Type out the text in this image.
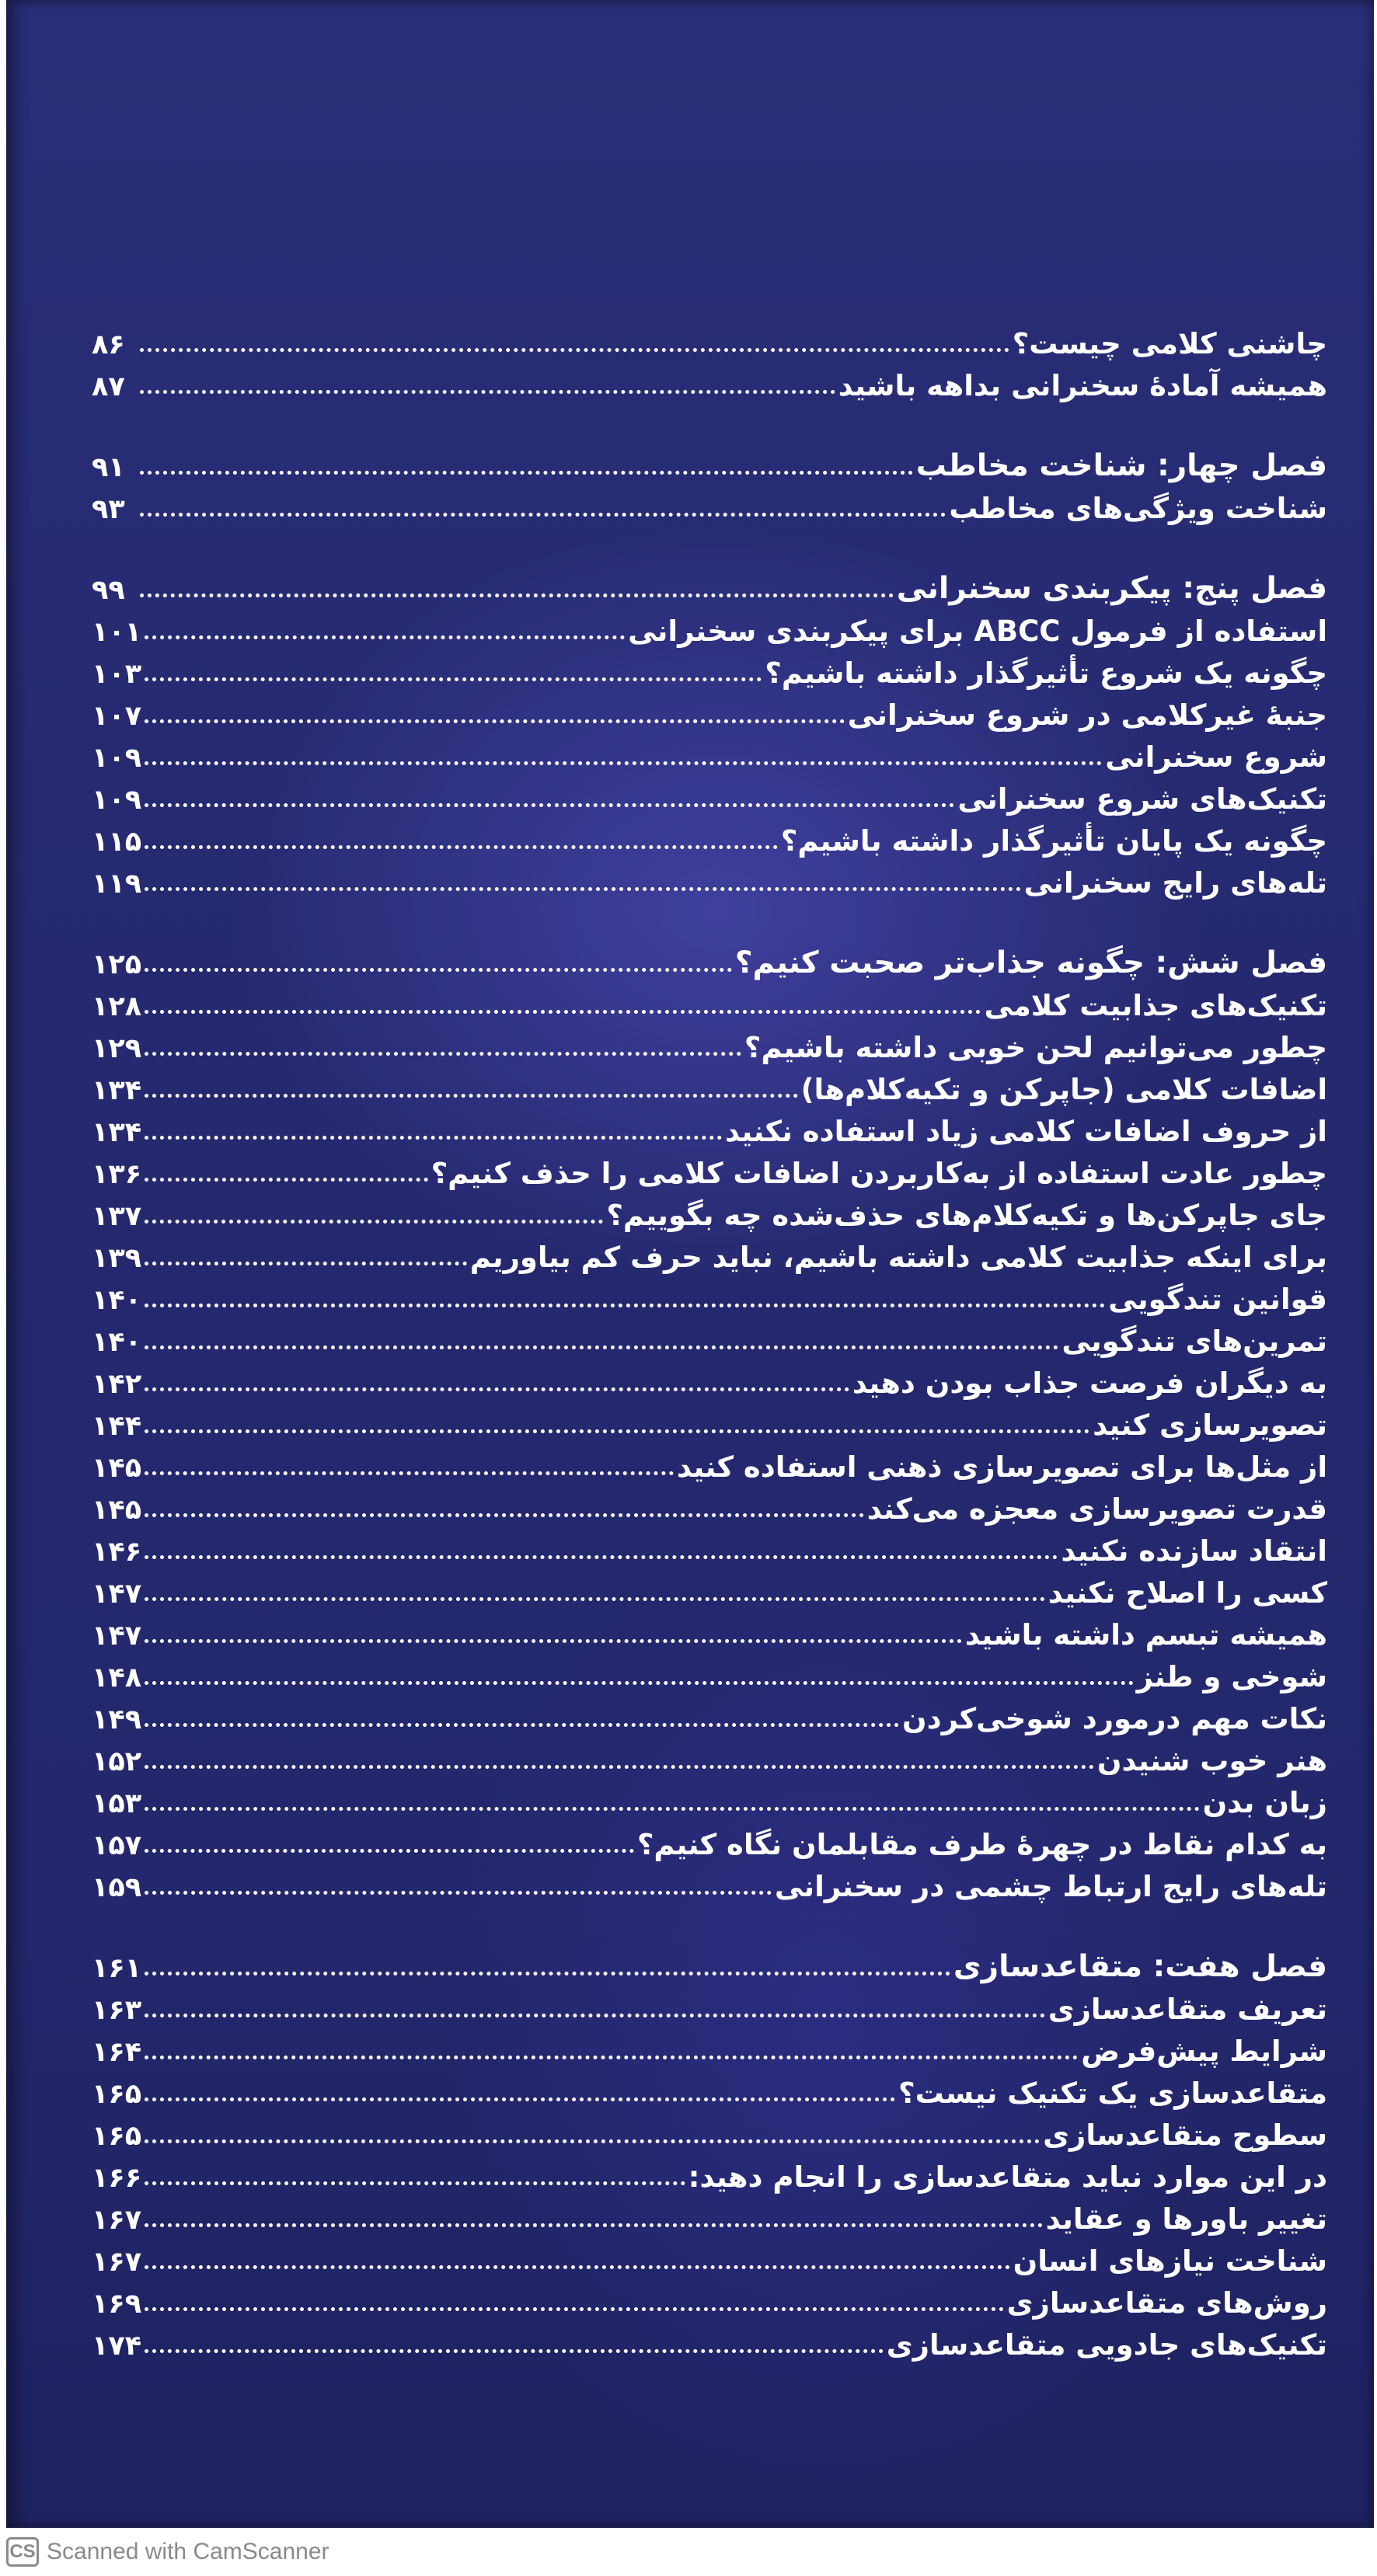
چاشنی کلامی چیست؟
۸۶
همیشه آمادهٔ سخنرانی بداهه باشید
۸۷
فصل چهار: شناخت مخاطب
۹۱
شناخت ویژگی‌های مخاطب
۹۳
فصل پنج: پیکربندی سخنرانی
۹۹
استفاده از فرمول ABCC برای پیکربندی سخنرانی
۱۰۱
چگونه یک شروع تأثیرگذار داشته باشیم؟
۱۰۳
جنبهٔ غیرکلامی در شروع سخنرانی
۱۰۷
شروع سخنرانی
۱۰۹
تکنیک‌های شروع سخنرانی
۱۰۹
چگونه یک پایان تأثیرگذار داشته باشیم؟
۱۱۵
تله‌های رایج سخنرانی
۱۱۹
فصل شش: چگونه جذاب‌تر صحبت کنیم؟
۱۲۵
تکنیک‌های جذابیت کلامی
۱۲۸
چطور می‌توانیم لحن خوبی داشته باشیم؟
۱۲۹
اضافات کلامی (جاپرکن و تکیه‌کلام‌ها)
۱۳۴
از حروف اضافات کلامی زیاد استفاده نکنید
۱۳۴
چطور عادت استفاده از به‌کاربردن اضافات کلامی را حذف کنیم؟
۱۳۶
جای جاپرکن‌ها و تکیه‌کلام‌های حذف‌شده چه بگوییم؟
۱۳۷
برای اینکه جذابیت کلامی داشته باشیم، نباید حرف کم بیاوریم
۱۳۹
قوانین تندگویی
۱۴۰
تمرین‌های تندگویی
۱۴۰
به دیگران فرصت جذاب بودن دهید
۱۴۲
تصویرسازی کنید
۱۴۴
از مثل‌ها برای تصویرسازی ذهنی استفاده کنید
۱۴۵
قدرت تصویرسازی معجزه می‌کند
۱۴۵
انتقاد سازنده نکنید
۱۴۶
کسی را اصلاح نکنید
۱۴۷
همیشه تبسم داشته باشید
۱۴۷
شوخی و طنز
۱۴۸
نکات مهم درمورد شوخی‌کردن
۱۴۹
هنر خوب شنیدن
۱۵۲
زبان بدن
۱۵۳
به کدام نقاط در چهرهٔ طرف مقابلمان نگاه کنیم؟
۱۵۷
تله‌های رایج ارتباط چشمی در سخنرانی
۱۵۹
فصل هفت: متقاعدسازی
۱۶۱
تعریف متقاعدسازی
۱۶۳
شرایط پیش‌فرض
۱۶۴
متقاعدسازی یک تکنیک نیست؟
۱۶۵
سطوح متقاعدسازی
۱۶۵
در این موارد نباید متقاعدسازی را انجام دهید:
۱۶۶
تغییر باورها و عقاید
۱۶۷
شناخت نیازهای انسان
۱۶۷
روش‌های متقاعدسازی
۱۶۹
تکنیک‌های جادویی متقاعدسازی
۱۷۴
CS Scanned with CamScanner
